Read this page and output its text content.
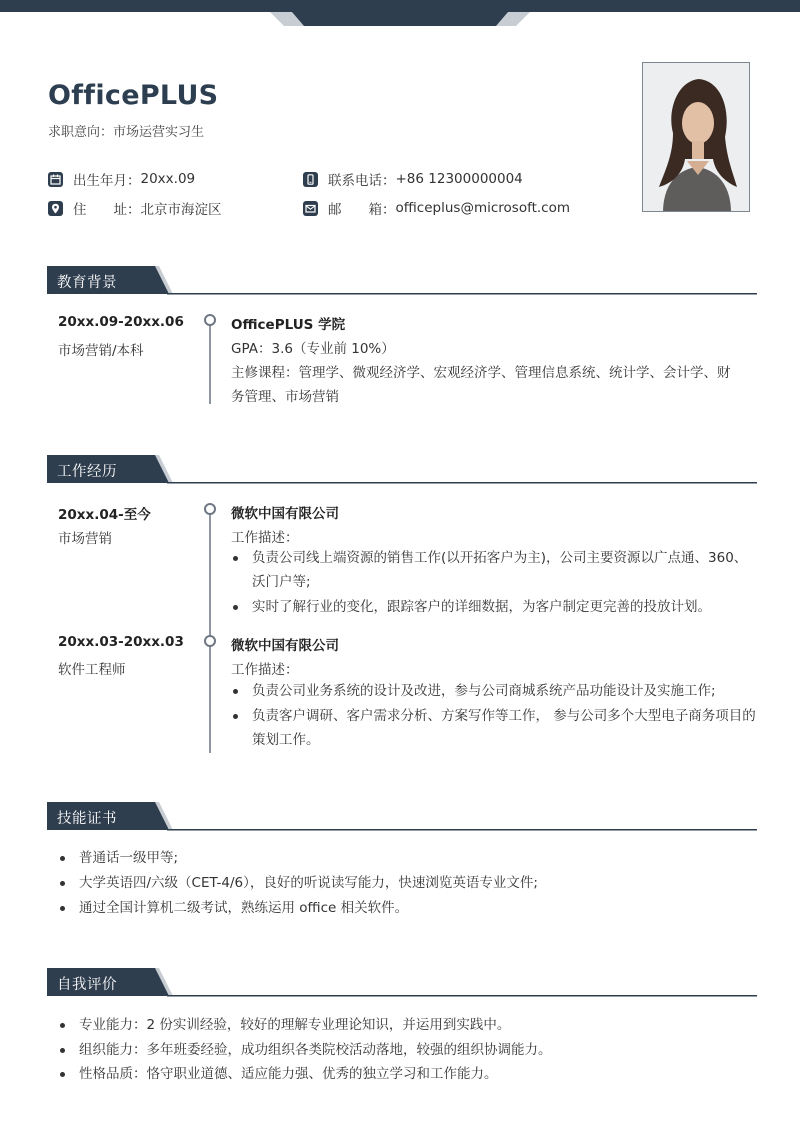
OfficePLUS
求职意向：市场运营实习生
出生年月： 20xx.09
住　　址： 北京市海淀区
联系电话： +86 12300000004
邮　　箱： officeplus@microsoft.com
教育背景
20xx.09-20xx.06
市场营销/本科
OfficePLUS 学院
GPA：3.6（专业前 10%）
主修课程：管理学、微观经济学、宏观经济学、管理信息系统、统计学、会计学、财
务管理、市场营销
工作经历
20xx.04-至今
市场营销
微软中国有限公司
工作描述：
负责公司线上端资源的销售工作(以开拓客户为主)，公司主要资源以广点通、360、沃门户等;
实时了解行业的变化，跟踪客户的详细数据，为客户制定更完善的投放计划。
20xx.03-20xx.03
软件工程师
微软中国有限公司
工作描述：
负责公司业务系统的设计及改进，参与公司商城系统产品功能设计及实施工作;
负责客户调研、客户需求分析、方案写作等工作， 参与公司多个大型电子商务项目的策划工作。
技能证书
普通话一级甲等;
大学英语四/六级（CET-4/6），良好的听说读写能力，快速浏览英语专业文件;
通过全国计算机二级考试，熟练运用 office 相关软件。
自我评价
专业能力：2 份实训经验，较好的理解专业理论知识，并运用到实践中。
组织能力：多年班委经验，成功组织各类院校活动落地，较强的组织协调能力。
性格品质：恪守职业道德、适应能力强、优秀的独立学习和工作能力。
